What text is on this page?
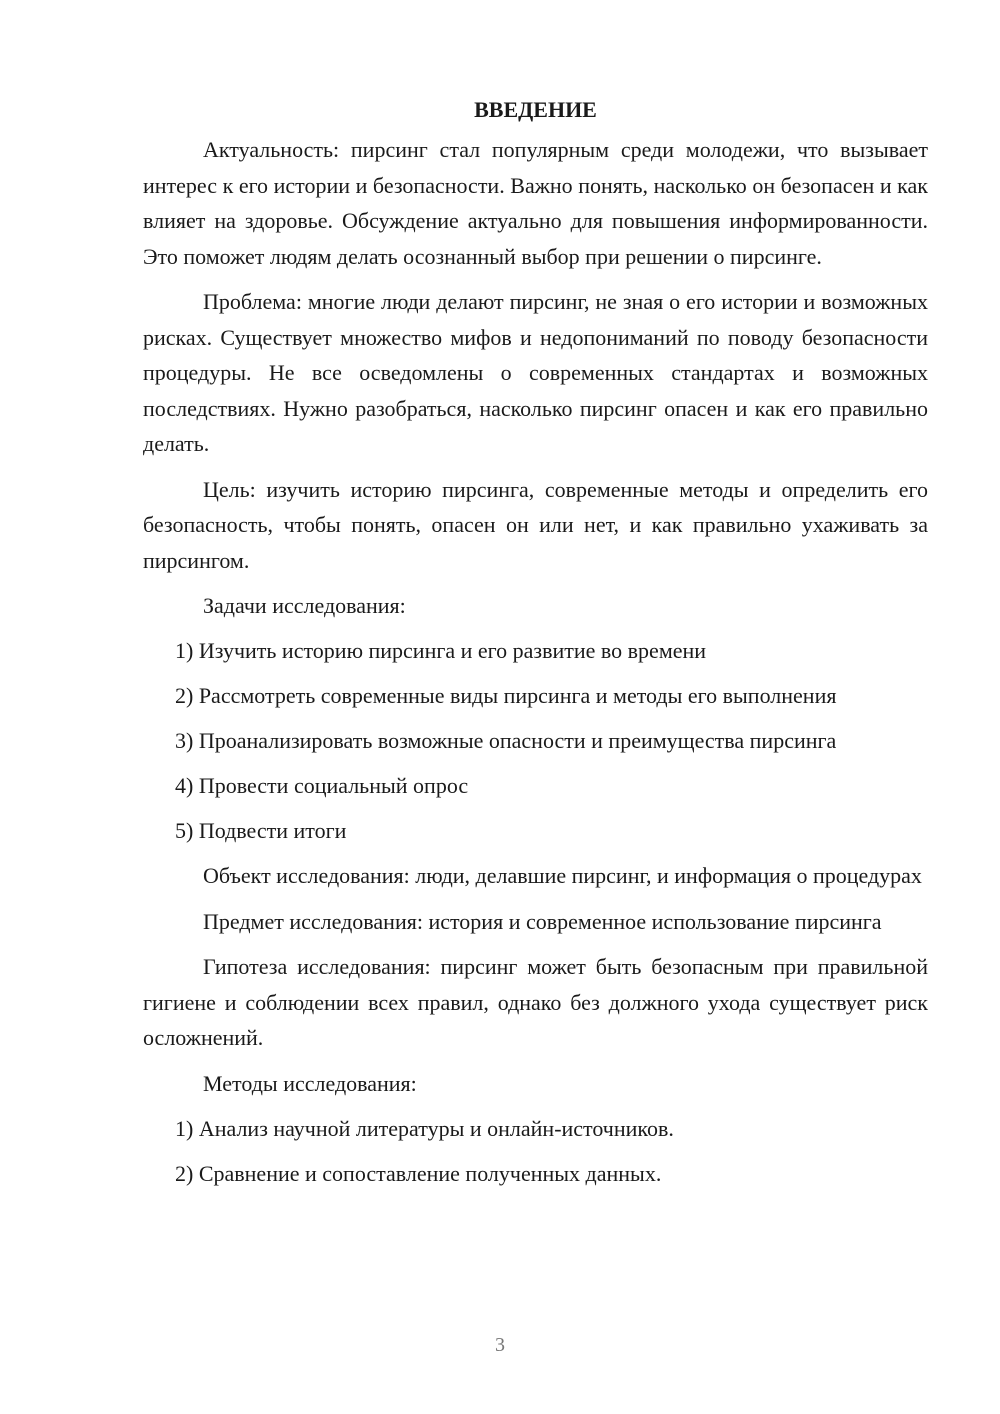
ВВЕДЕНИЕ

Актуальность: пирсинг стал популярным среди молодежи, что вызывает интерес к его истории и безопасности. Важно понять, насколько он безопасен и как влияет на здоровье. Обсуждение актуально для повышения информированности. Это поможет людям делать осознанный выбор при решении о пирсинге.

Проблема: многие люди делают пирсинг, не зная о его истории и возможных рисках. Существует множество мифов и недопониманий по поводу безопасности процедуры. Не все осведомлены о современных стандартах и возможных последствиях. Нужно разобраться, насколько пирсинг опасен и как его правильно делать.

Цель: изучить историю пирсинга, современные методы и определить его безопасность, чтобы понять, опасен он или нет, и как правильно ухаживать за пирсингом.

Задачи исследования:
1) Изучить историю пирсинга и его развитие во времени
2) Рассмотреть современные виды пирсинга и методы его выполнения
3) Проанализировать возможные опасности и преимущества пирсинга
4) Провести социальный опрос
5) Подвести итоги

Объект исследования: люди, делавшие пирсинг, и информация о процедурах

Предмет исследования: история и современное использование пирсинга

Гипотеза исследования: пирсинг может быть безопасным при правильной гигиене и соблюдении всех правил, однако без должного ухода существует риск осложнений.

Методы исследования:
1) Анализ научной литературы и онлайн-источников.
2) Сравнение и сопоставление полученных данных.
3
